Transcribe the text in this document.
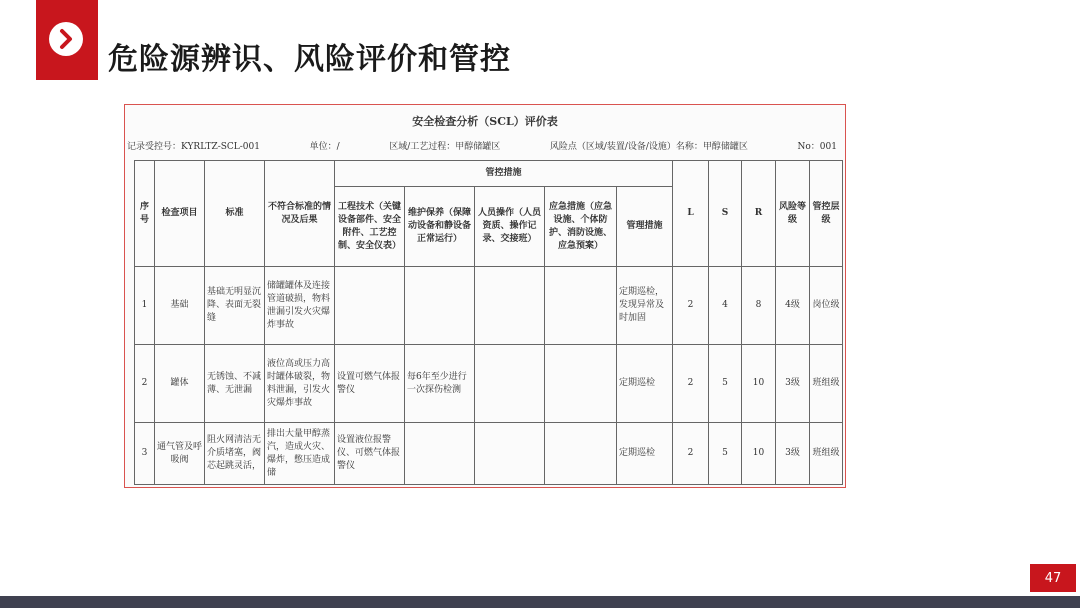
危险源辨识、风险评价和管控
安全检查分析（SCL）评价表
记录受控号：KYRLTZ-SCL-001	单位：/	区域/工艺过程：甲醇储罐区	风险点（区域/装置/设备/设施）名称：甲醇储罐区	No：001
序号	检查项目	标准	不符合标准的情况及后果	管控措施					L	S	R	风险等级	管控层级
				工程技术（关键设备部件、安全附件、工艺控制、安全仪表）	维护保养（保障动设备和静设备正常运行）	人员操作（人员资质、操作记录、交接班）	应急措施（应急设施、个体防护、消防设施、应急预案）	管理措施					
1	基础	基础无明显沉降、表面无裂缝	储罐罐体及连接管道破损，物料泄漏引发火灾爆炸事故					定期巡检，发现异常及时加固	2	4	8	4级	岗位级
2	罐体	无锈蚀、不减薄、无泄漏	液位高或压力高时罐体破裂，物料泄漏，引发火灾爆炸事故	设置可燃气体报警仪	每6年至少进行一次探伤检测			定期巡检	2	5	10	3级	班组级
3	通气管及呼吸阀	阻火网清洁无介质堵塞，阀芯起跳灵活，	排出大量甲醇蒸汽，造成火灾、爆炸，憋压造成储	设置液位报警仪、可燃气体报警仪				定期巡检	2	5	10	3级	班组级
47
